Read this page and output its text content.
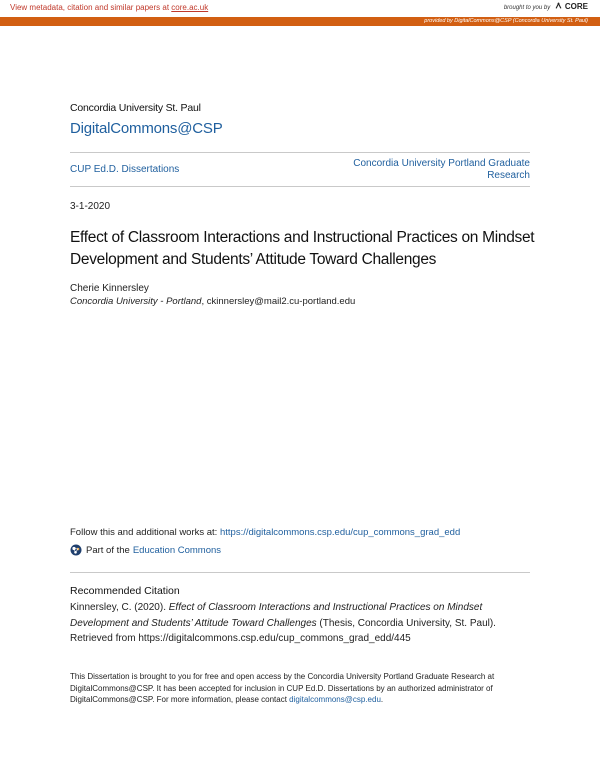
View metadata, citation and similar papers at core.ac.uk	brought to you by CORE
provided by DigitalCommons@CSP (Concordia University St. Paul)
Concordia University St. Paul
DigitalCommons@CSP
CUP Ed.D. Dissertations
Concordia University Portland Graduate Research
3-1-2020
Effect of Classroom Interactions and Instructional Practices on Mindset Development and Students’ Attitude Toward Challenges
Cherie Kinnersley
Concordia University - Portland, ckinnersley@mail2.cu-portland.edu
Follow this and additional works at: https://digitalcommons.csp.edu/cup_commons_grad_edd
Part of the Education Commons
Recommended Citation
Kinnersley, C. (2020). Effect of Classroom Interactions and Instructional Practices on Mindset Development and Students’ Attitude Toward Challenges (Thesis, Concordia University, St. Paul). Retrieved from https://digitalcommons.csp.edu/cup_commons_grad_edd/445
This Dissertation is brought to you for free and open access by the Concordia University Portland Graduate Research at DigitalCommons@CSP. It has been accepted for inclusion in CUP Ed.D. Dissertations by an authorized administrator of DigitalCommons@CSP. For more information, please contact digitalcommons@csp.edu.
